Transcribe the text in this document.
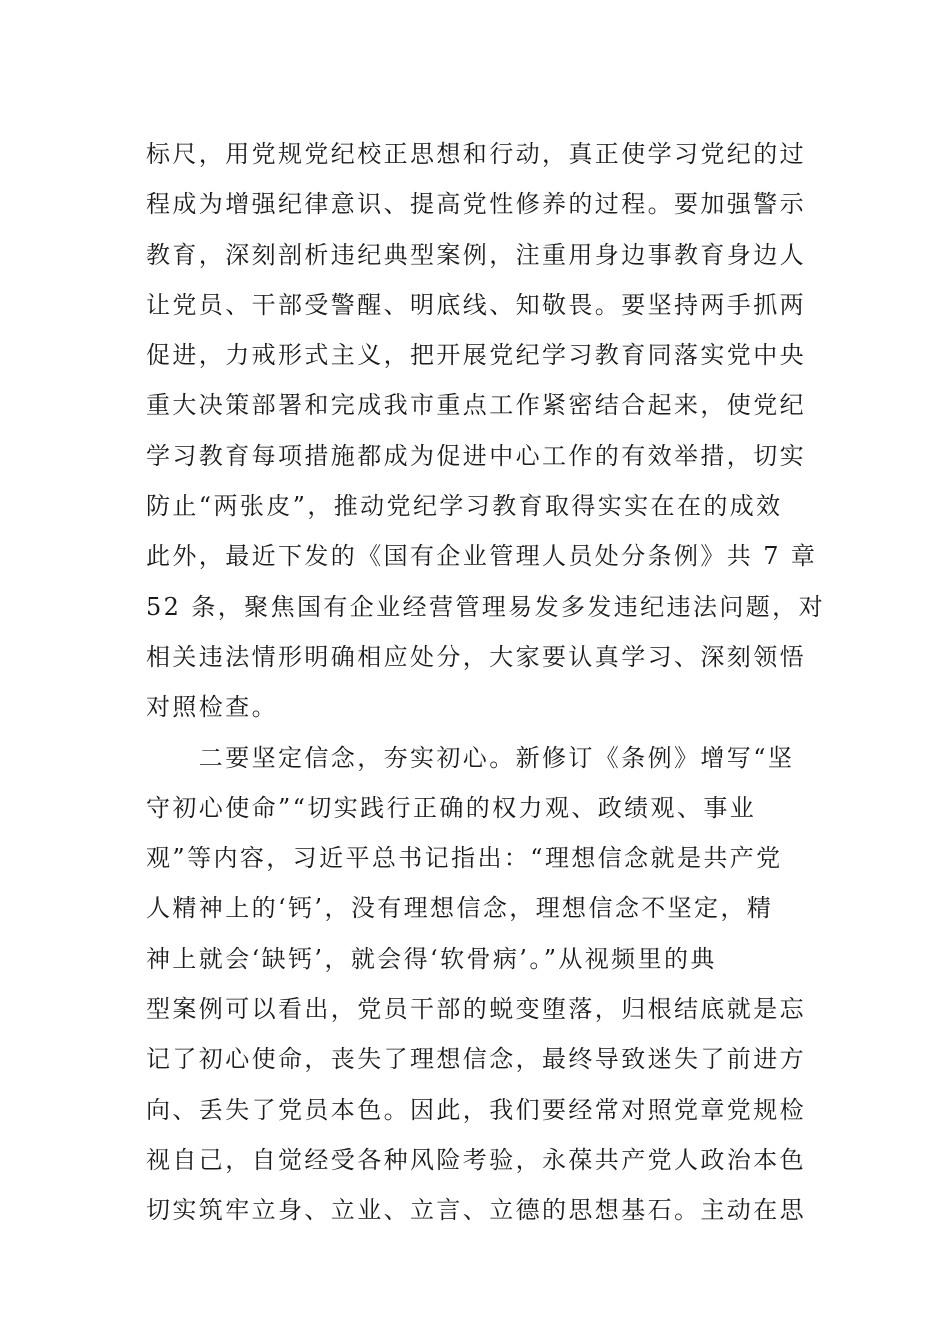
标尺，用党规党纪校正思想和行动，真正使学习党纪的过
程成为增强纪律意识、提高党性修养的过程。要加强警示
教育，深刻剖析违纪典型案例，注重用身边事教育身边人
让党员、干部受警醒、明底线、知敬畏。要坚持两手抓两
促进，力戒形式主义，把开展党纪学习教育同落实党中央
重大决策部署和完成我市重点工作紧密结合起来，使党纪
学习教育每项措施都成为促进中心工作的有效举措，切实
防止“两张皮”，推动党纪学习教育取得实实在在的成效
此外，最近下发的《国有企业管理人员处分条例》共 7 章
52 条，聚焦国有企业经营管理易发多发违纪违法问题，对
相关违法情形明确相应处分，大家要认真学习、深刻领悟
对照检查。
　　二要坚定信念，夯实初心。新修订《条例》增写“坚
守初心使命”“切实践行正确的权力观、政绩观、事业
观”等内容，习近平总书记指出：“理想信念就是共产党
人精神上的‘钙’，没有理想信念，理想信念不坚定，精
神上就会‘缺钙’，就会得‘软骨病’。”从视频里的典
型案例可以看出，党员干部的蜕变堕落，归根结底就是忘
记了初心使命，丧失了理想信念，最终导致迷失了前进方
向、丢失了党员本色。因此，我们要经常对照党章党规检
视自己，自觉经受各种风险考验，永葆共产党人政治本色
切实筑牢立身、立业、立言、立德的思想基石。主动在思
